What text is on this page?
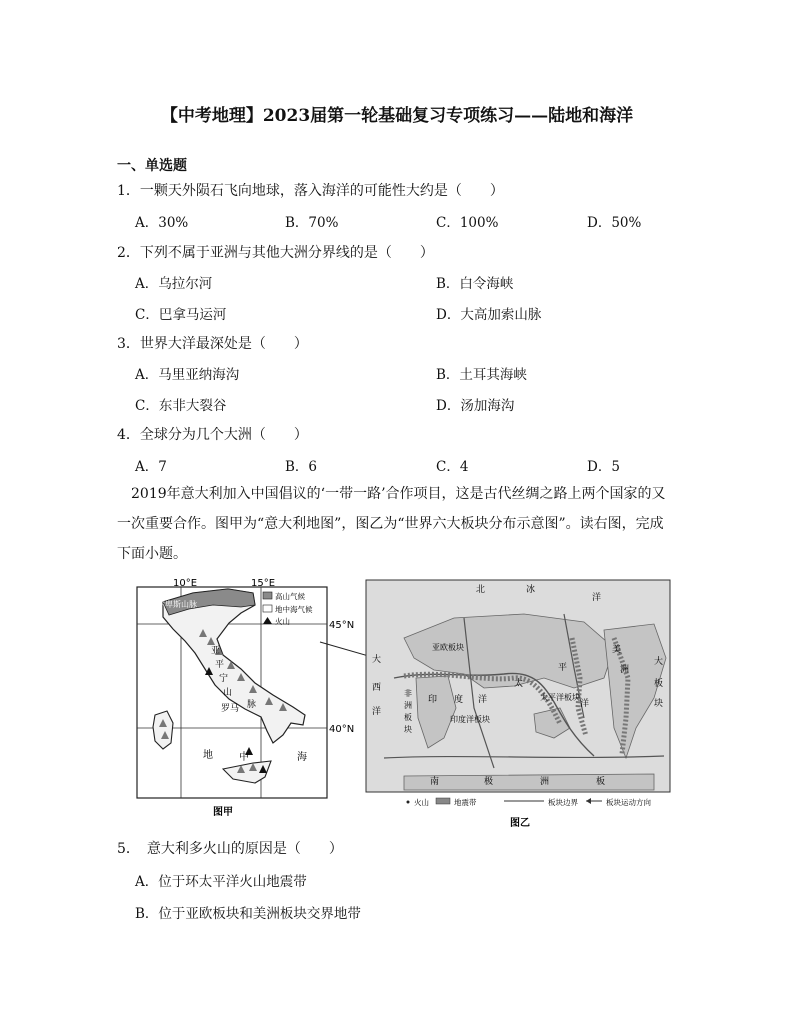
【中考地理】2023届第一轮基础复习专项练习——陆地和海洋
一、单选题
1．一颗天外陨石飞向地球，落入海洋的可能性大约是（　　）
A．30%	B．70%	C．100%	D．50%
2．下列不属于亚洲与其他大洲分界线的是（　　）
A．乌拉尔河	B．白令海峡
C．巴拿马运河	D．大高加索山脉
3．世界大洋最深处是（　　）
A．马里亚纳海沟	B．土耳其海峡
C．东非大裂谷	D．汤加海沟
4．全球分为几个大洲（　　）
A．7	B．6	C．4	D．5
2019年意大利加入中国倡议的‘一带一路’合作项目，这是古代丝绸之路上两个国家的又一次重要合作。图甲为“意大利地图”，图乙为“世界六大板块分布示意图”。读右图，完成下面小题。
高山气候
地中海气候
火山
10°E	15°E
45°N
40°N
阿尔卑斯山脉
亚
平
宁
山
脉
罗马
地	中	海
图甲
北	冰
洋
亚欧板块	美
洲
大
板
块
大
西
洋
非
洲
板
块
印 度 洋
印度洋板块
太
平
太平洋板块
洋
南	极	洲	板
火山	地震带	板块边界	板块运动方向
图乙
5．　意大利多火山的原因是（　　）
A．位于环太平洋火山地震带
B．位于亚欧板块和美洲板块交界地带
